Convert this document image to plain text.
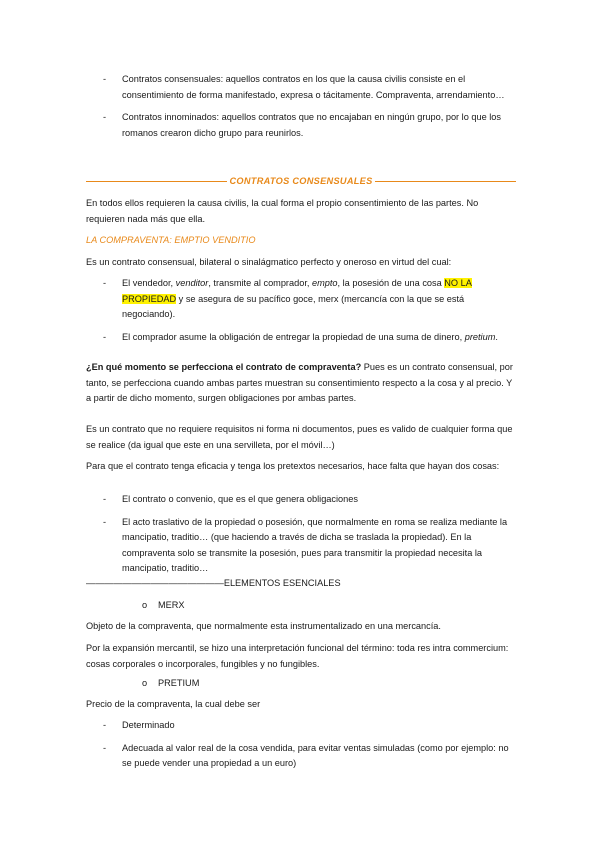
- Contratos consensuales: aquellos contratos en los que la causa civilis consiste en el consentimiento de forma manifestado, expresa o tácitamente. Compraventa, arrendamiento…

- Contratos innominados: aquellos contratos que no encajaban en ningún grupo, por lo que los romanos crearon dicho grupo para reunirlos.

CONTRATOS CONSENSUALES

En todos ellos requieren la causa civilis, la cual forma el propio consentimiento de las partes. No requieren nada más que ella.

LA COMPRAVENTA: EMPTIO VENDITIO

Es un contrato consensual, bilateral o sinalágmatico perfecto y oneroso en virtud del cual:

- El vendedor, venditor, transmite al comprador, empto, la posesión de una cosa NO LA PROPIEDAD y se asegura de su pacífico goce, merx (mercancía con la que se está negociando).

- El comprador asume la obligación de entregar la propiedad de una suma de dinero, pretium.

¿En qué momento se perfecciona el contrato de compraventa? Pues es un contrato consensual, por tanto, se perfecciona cuando ambas partes muestran su consentimiento respecto a la cosa y al precio. Y a partir de dicho momento, surgen obligaciones por ambas partes.

Es un contrato que no requiere requisitos ni forma ni documentos, pues es valido de cualquier forma que se realice (da igual que este en una servilleta, por el móvil…)

Para que el contrato tenga eficacia y tenga los pretextos necesarios, hace falta que hayan dos cosas:

- El contrato o convenio, que es el que genera obligaciones

- El acto traslativo de la propiedad o posesión, que normalmente en roma se realiza mediante la mancipatio, traditio… (que haciendo a través de dicha se traslada la propiedad). En la compraventa solo se transmite la posesión, pues para transmitir la propiedad necesita la mancipatio, traditio…

———————————————ELEMENTOS ESENCIALES

o MERX

Objeto de la compraventa, que normalmente esta instrumentalizado en una mercancía.

Por la expansión mercantil, se hizo una interpretación funcional del término: toda res intra commercium: cosas corporales o incorporales, fungibles y no fungibles.

o PRETIUM

Precio de la compraventa, la cual debe ser

- Determinado

- Adecuada al valor real de la cosa vendida, para evitar ventas simuladas (como por ejemplo: no se puede vender una propiedad a un euro)
